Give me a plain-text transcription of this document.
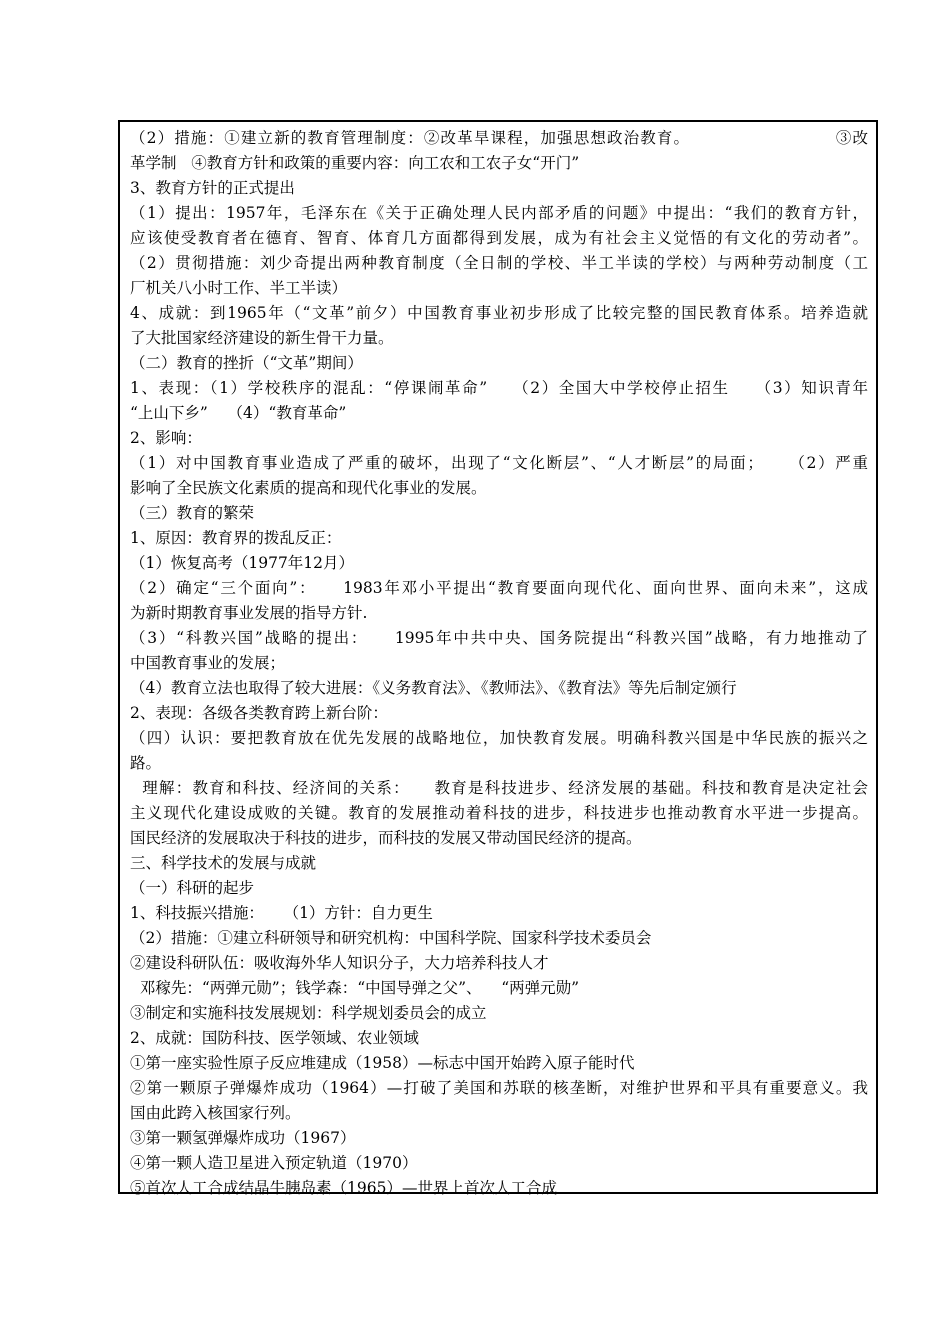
（2）措施：①建立新的教育管理制度：②改革旱课程，加强思想政治教育。                        ③改
革学制   ④教育方针和政策的重要内容：向工农和工农子女“开门”
3、教育方针的正式提出
（1）提出：1957年，毛泽东在《关于正确处理人民内部矛盾的问题》中提出：“我们的教育方针，
应该使受教育者在德育、智育、体育几方面都得到发展，成为有社会主义觉悟的有文化的劳动者”。
（2）贯彻措施：刘少奇提出两种教育制度（全日制的学校、半工半读的学校）与两种劳动制度（工
厂机关八小时工作、半工半读）
4、成就：到1965年（“文革”前夕）中国教育事业初步形成了比较完整的国民教育体系。培养造就
了大批国家经济建设的新生骨干力量。
（二）教育的挫折（“文革”期间）
1、表现：（1）学校秩序的混乱：“停课闹革命”    （2）全国大中学校停止招生    （3）知识青年
“上山下乡”    （4）“教育革命”
2、影响：
（1）对中国教育事业造成了严重的破坏，出现了“文化断层”、“人才断层”的局面；    （2）严重
影响了全民族文化素质的提高和现代化事业的发展。
（三）教育的繁荣
1、原因：教育界的拨乱反正：
（1）恢复高考（1977年12月）
（2）确定“三个面向”：    1983年邓小平提出“教育要面向现代化、面向世界、面向未来”，这成
为新时期教育事业发展的指导方针.
（3）“科教兴国”战略的提出：    1995年中共中央、国务院提出“科教兴国”战略，有力地推动了
中国教育事业的发展；
（4）教育立法也取得了较大进展：《义务教育法》、《教师法》、《教育法》等先后制定颁行
2、表现：各级各类教育跨上新台阶：
（四）认识：要把教育放在优先发展的战略地位，加快教育发展。明确科教兴国是中华民族的振兴之
路。
理解：教育和科技、经济间的关系：    教育是科技进步、经济发展的基础。科技和教育是决定社会
主义现代化建设成败的关键。教育的发展推动着科技的进步，科技进步也推动教育水平进一步提高。
国民经济的发展取决于科技的进步，而科技的发展又带动国民经济的提高。
三、科学技术的发展与成就
（一）科研的起步
1、科技振兴措施：    （1）方针：自力更生
（2）措施：①建立科研领导和研究机构：中国科学院、国家科学技术委员会
②建设科研队伍：吸收海外华人知识分子，大力培养科技人才
邓稼先：“两弹元勋”；钱学森：“中国导弹之父”、    “两弹元勋”
③制定和实施科技发展规划：科学规划委员会的成立
2、成就：国防科技、医学领域、农业领域
①第一座实验性原子反应堆建成（1958）—标志中国开始跨入原子能时代
②第一颗原子弹爆炸成功（1964）—打破了美国和苏联的核垄断，对维护世界和平具有重要意义。我
国由此跨入核国家行列。
③第一颗氢弹爆炸成功（1967）
④第一颗人造卫星进入预定轨道（1970）
⑤首次人工合成结晶牛胰岛素（1965）—世界上首次人工合成
